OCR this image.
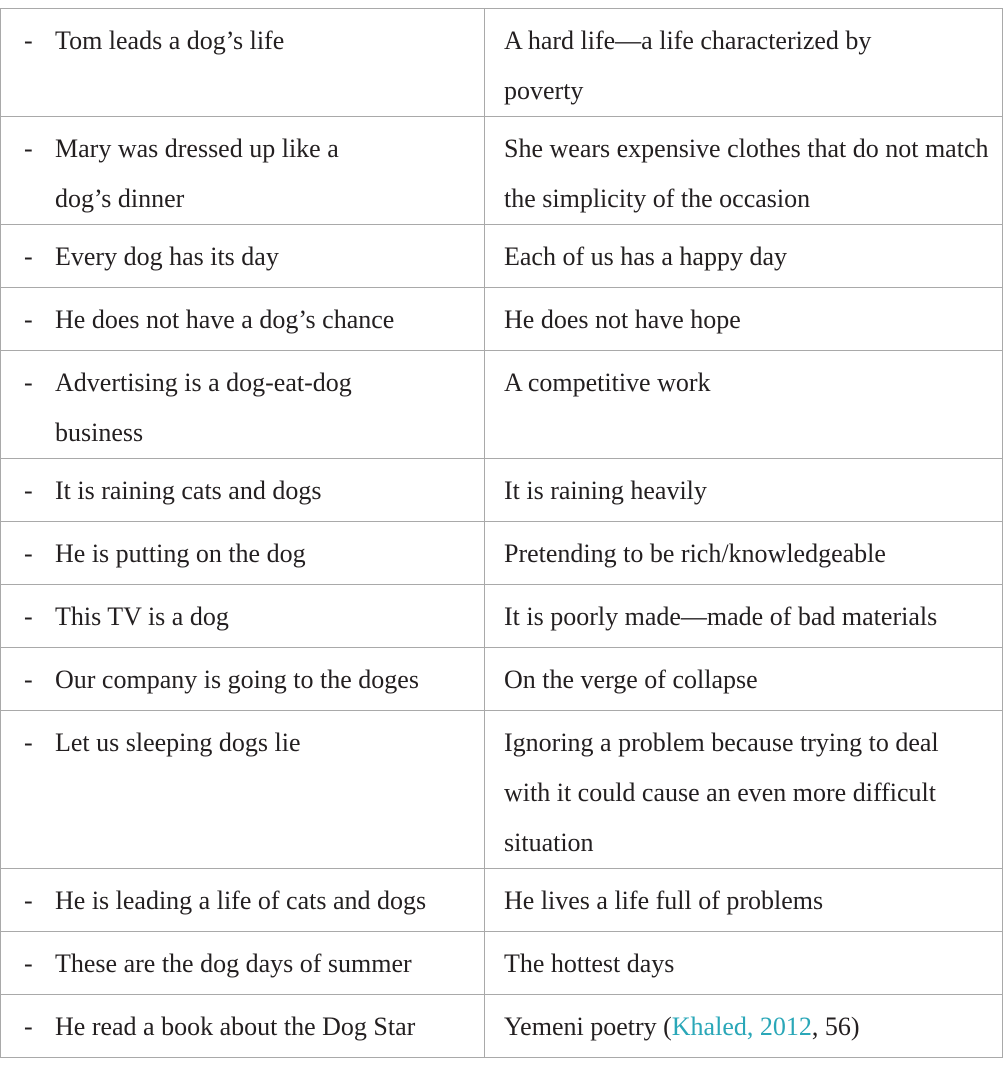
- Tom leads a dog’s life	A hard life—a life characterized by poverty

- Mary was dressed up like a dog’s dinner	She wears expensive clothes that do not match the simplicity of the occasion

- Every dog has its day	Each of us has a happy day

- He does not have a dog’s chance	He does not have hope

- Advertising is a dog-eat-dog business	A competitive work

- It is raining cats and dogs	It is raining heavily

- He is putting on the dog	Pretending to be rich/knowledgeable

- This TV is a dog	It is poorly made—made of bad materials

- Our company is going to the doges	On the verge of collapse

- Let us sleeping dogs lie	Ignoring a problem because trying to deal with it could cause an even more difficult situation

- He is leading a life of cats and dogs	He lives a life full of problems

- These are the dog days of summer	The hottest days

- He read a book about the Dog Star	Yemeni poetry (Khaled, 2012, 56)
